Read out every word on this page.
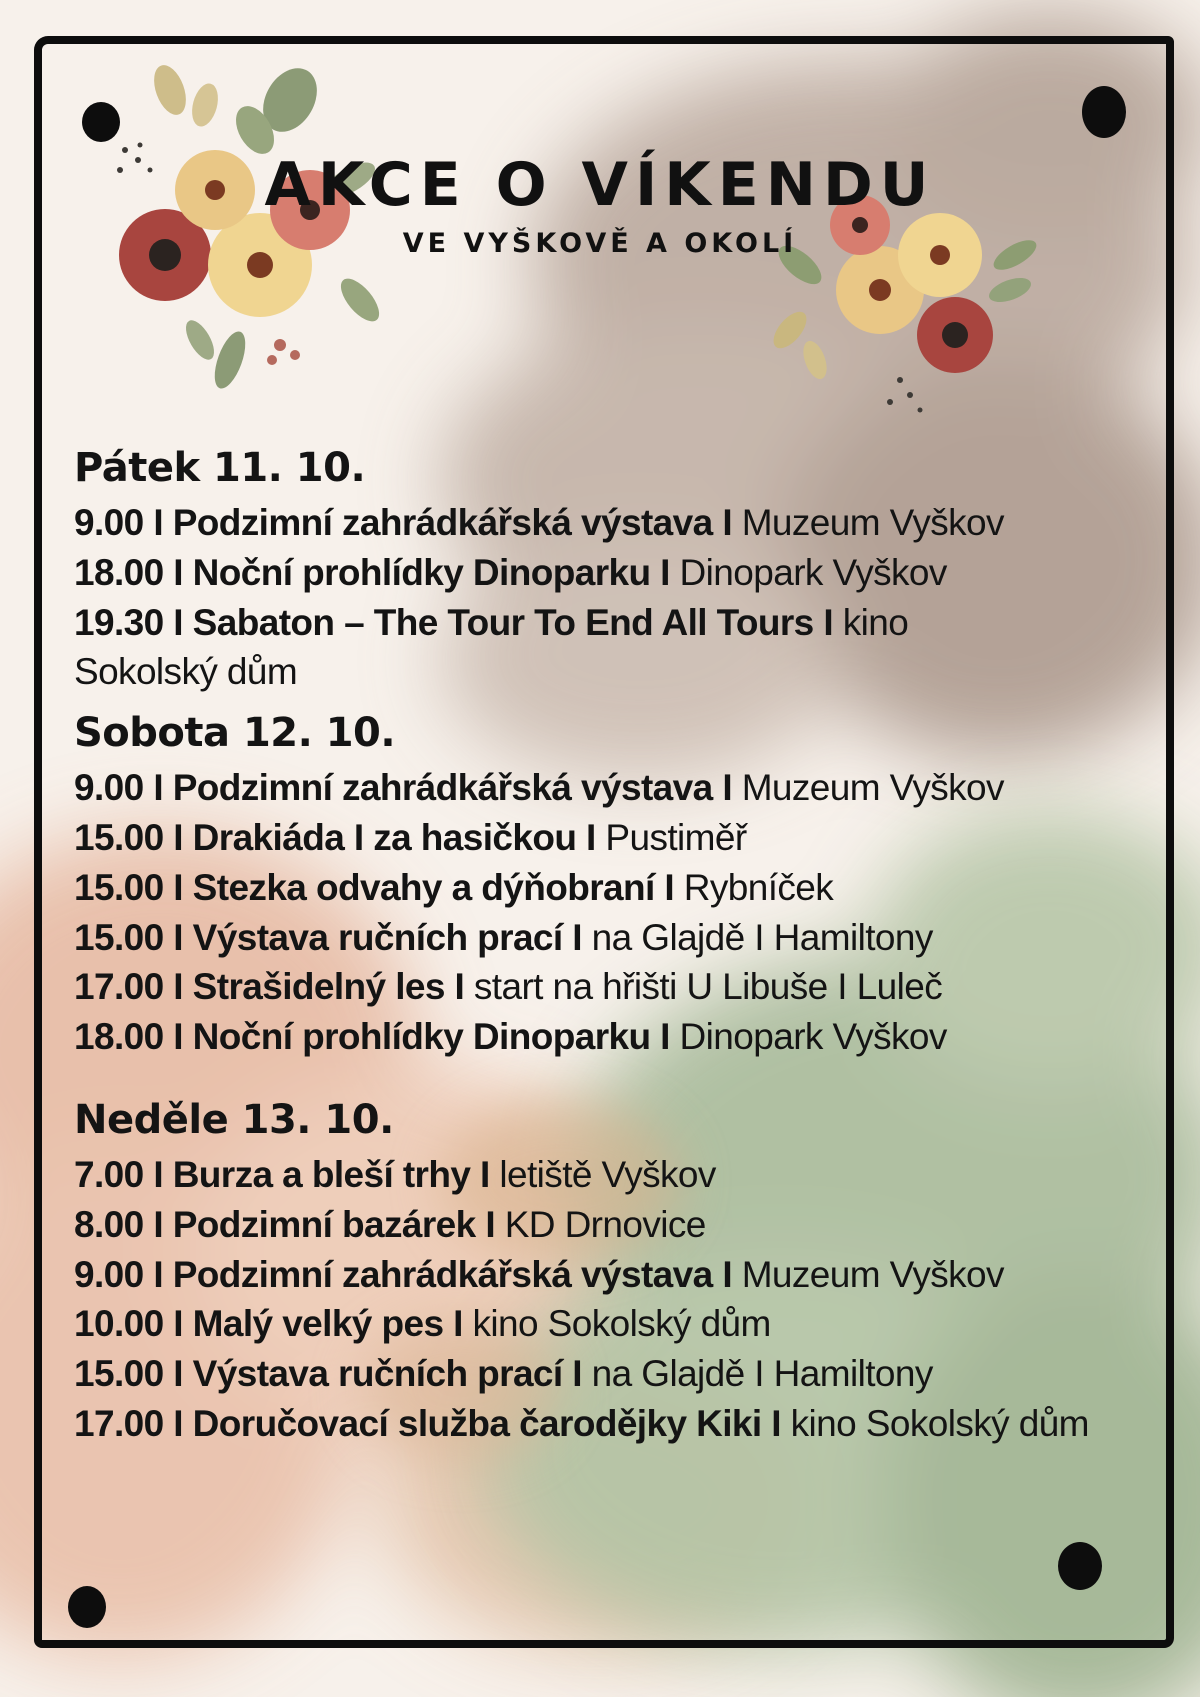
AKCE O VÍKENDU
VE VYŠKOVĚ A OKOLÍ
Pátek 11. 10.
9.00 I Podzimní zahrádkářská výstava I Muzeum Vyškov
18.00 I Noční prohlídky Dinoparku I Dinopark Vyškov
19.30 I Sabaton – The Tour To End All Tours I kino Sokolský dům
Sobota 12. 10.
9.00 I Podzimní zahrádkářská výstava I Muzeum Vyškov
15.00 I Drakiáda I za hasičkou I Pustiměř
15.00 I Stezka odvahy a dýňobraní I Rybníček
15.00 I Výstava ručních prací I na Glajdě I Hamiltony
17.00 I Strašidelný les I start na hřišti U Libuše I Luleč
18.00 I Noční prohlídky Dinoparku I Dinopark Vyškov
Neděle 13. 10.
7.00 I Burza a bleší trhy I letiště Vyškov
8.00 I Podzimní bazárek I KD Drnovice
9.00 I Podzimní zahrádkářská výstava I Muzeum Vyškov
10.00 I Malý velký pes I kino Sokolský dům
15.00 I Výstava ručních prací I na Glajdě I Hamiltony
17.00 I Doručovací služba čarodějky Kiki I kino Sokolský dům
